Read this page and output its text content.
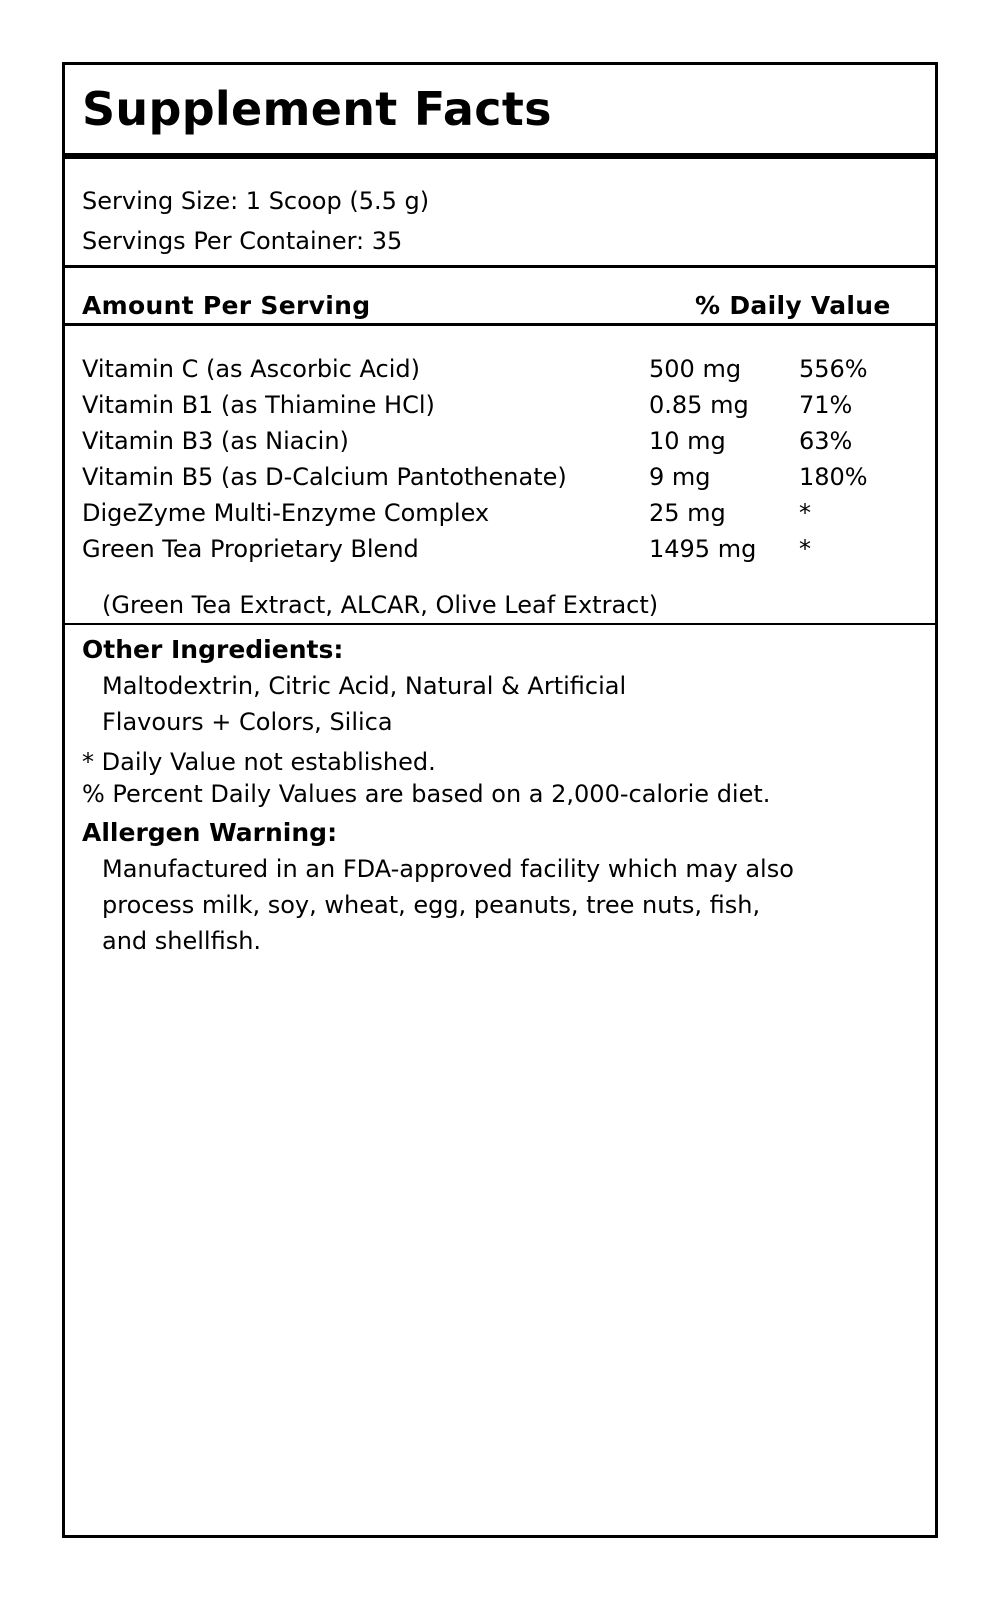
Supplement Facts
Serving Size: 1 Scoop (5.5 g)
Servings Per Container: 35
Amount Per Serving	% Daily Value
Vitamin C (as Ascorbic Acid)	500 mg 556%
Vitamin B1 (as Thiamine HCl)	0.85 mg 71%
Vitamin B3 (as Niacin)	10 mg	63%
Vitamin B5 (as D-Calcium Pantothenate)	9 mg	180%
DigeZyme Multi-Enzyme Complex	25 mg	*
Green Tea Proprietary Blend	1495 mg *
(Green Tea Extract, ALCAR, Olive Leaf Extract)
Other Ingredients:
Maltodextrin, Citric Acid, Natural & Artificial
Flavours + Colors, Silica
* Daily Value not established.
% Percent Daily Values are based on a 2,000-calorie diet.
Allergen Warning:
Manufactured in an FDA-approved facility which may also
process milk, soy, wheat, egg, peanuts, tree nuts, fish,
and shellfish.
